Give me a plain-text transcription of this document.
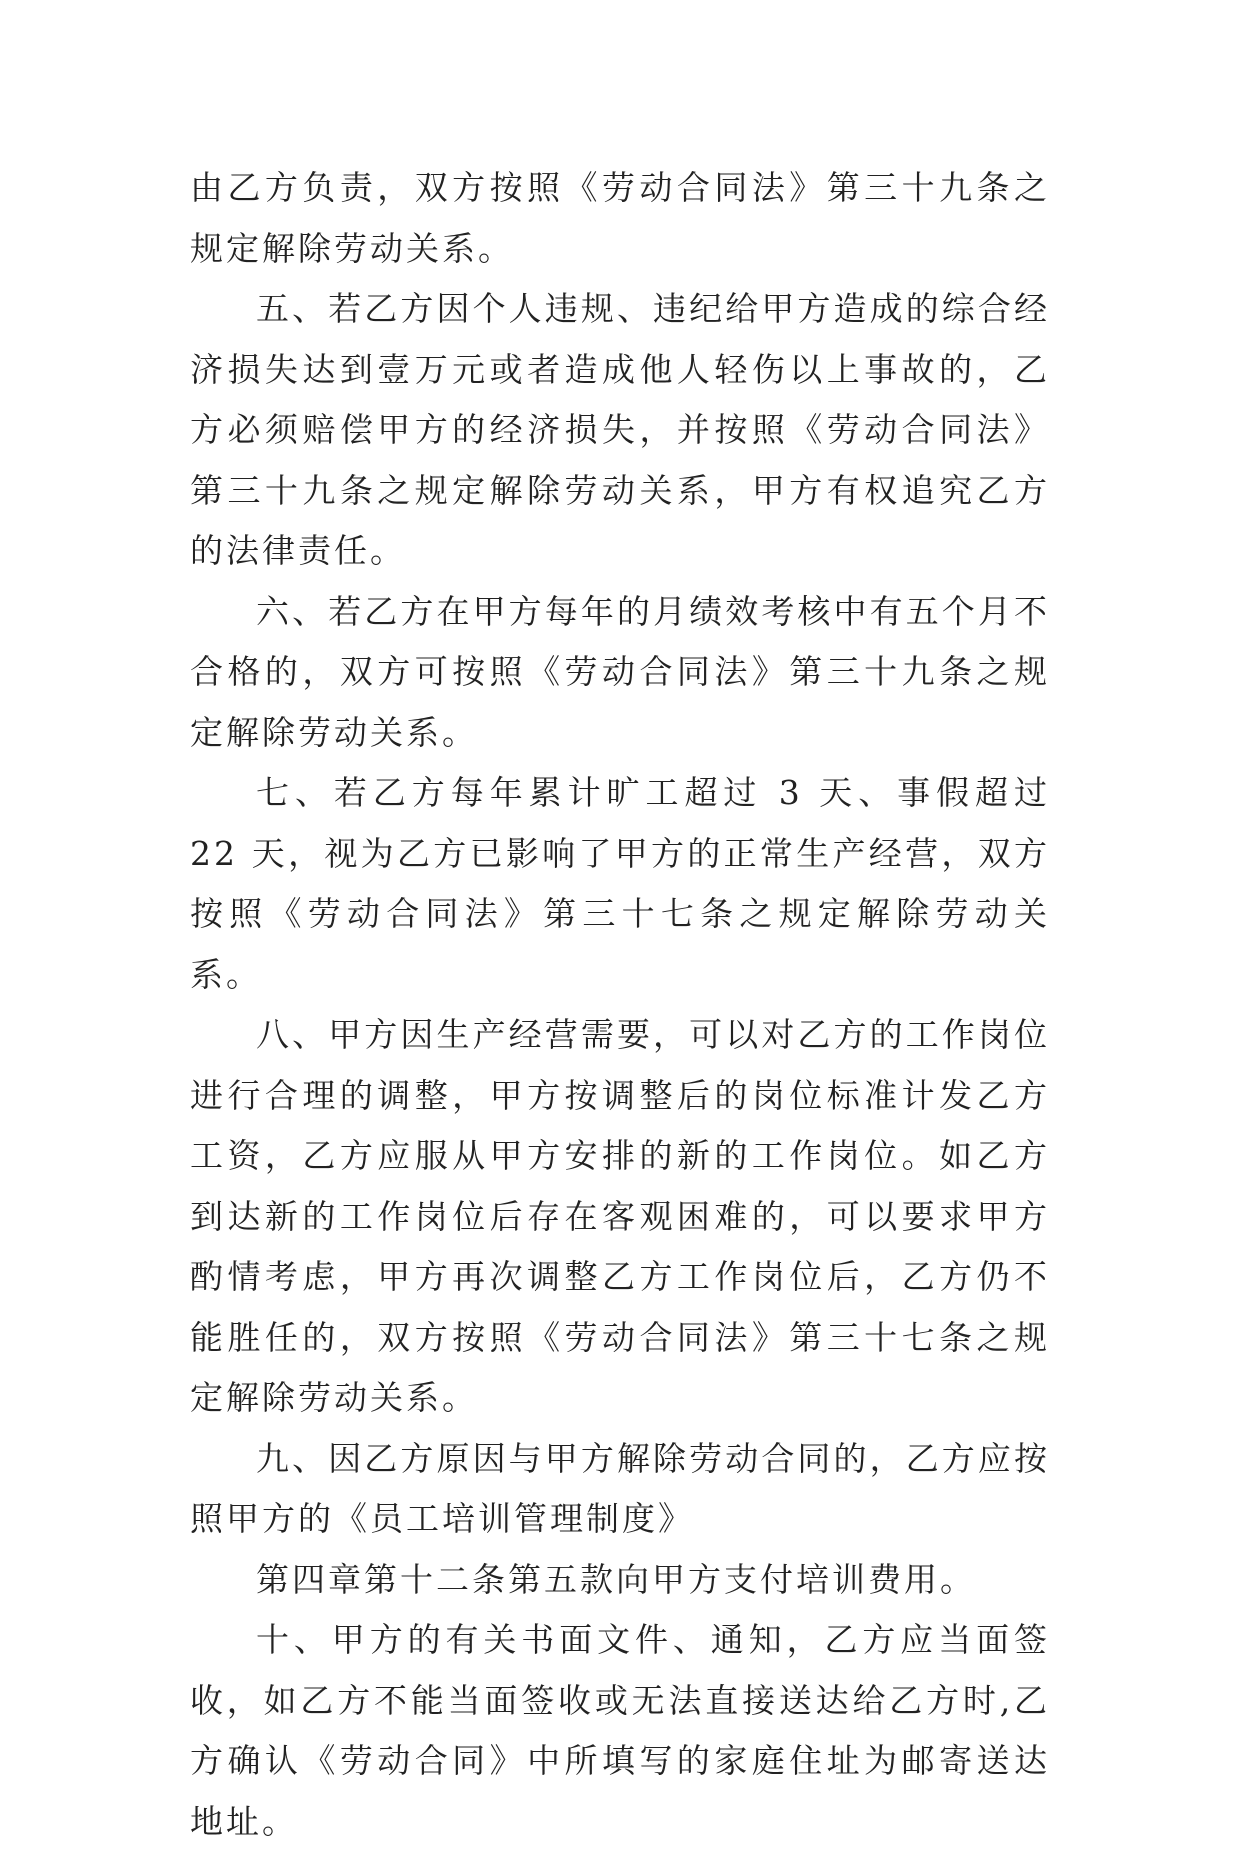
由乙方负责，双方按照《劳动合同法》第三十九条之规定解除劳动关系。

五、若乙方因个人违规、违纪给甲方造成的综合经济损失达到壹万元或者造成他人轻伤以上事故的，乙方必须赔偿甲方的经济损失，并按照《劳动合同法》第三十九条之规定解除劳动关系，甲方有权追究乙方的法律责任。

六、若乙方在甲方每年的月绩效考核中有五个月不合格的，双方可按照《劳动合同法》第三十九条之规定解除劳动关系。

七、若乙方每年累计旷工超过 3 天、事假超过 22 天，视为乙方已影响了甲方的正常生产经营，双方按照《劳动合同法》第三十七条之规定解除劳动关系。

八、甲方因生产经营需要，可以对乙方的工作岗位进行合理的调整，甲方按调整后的岗位标准计发乙方工资，乙方应服从甲方安排的新的工作岗位。如乙方到达新的工作岗位后存在客观困难的，可以要求甲方酌情考虑，甲方再次调整乙方工作岗位后，乙方仍不能胜任的，双方按照《劳动合同法》第三十七条之规定解除劳动关系。

九、因乙方原因与甲方解除劳动合同的，乙方应按照甲方的《员工培训管理制度》

第四章第十二条第五款向甲方支付培训费用。

十、甲方的有关书面文件、通知，乙方应当面签收，如乙方不能当面签收或无法直接送达给乙方时,乙方确认《劳动合同》中所填写的家庭住址为邮寄送达地址。
